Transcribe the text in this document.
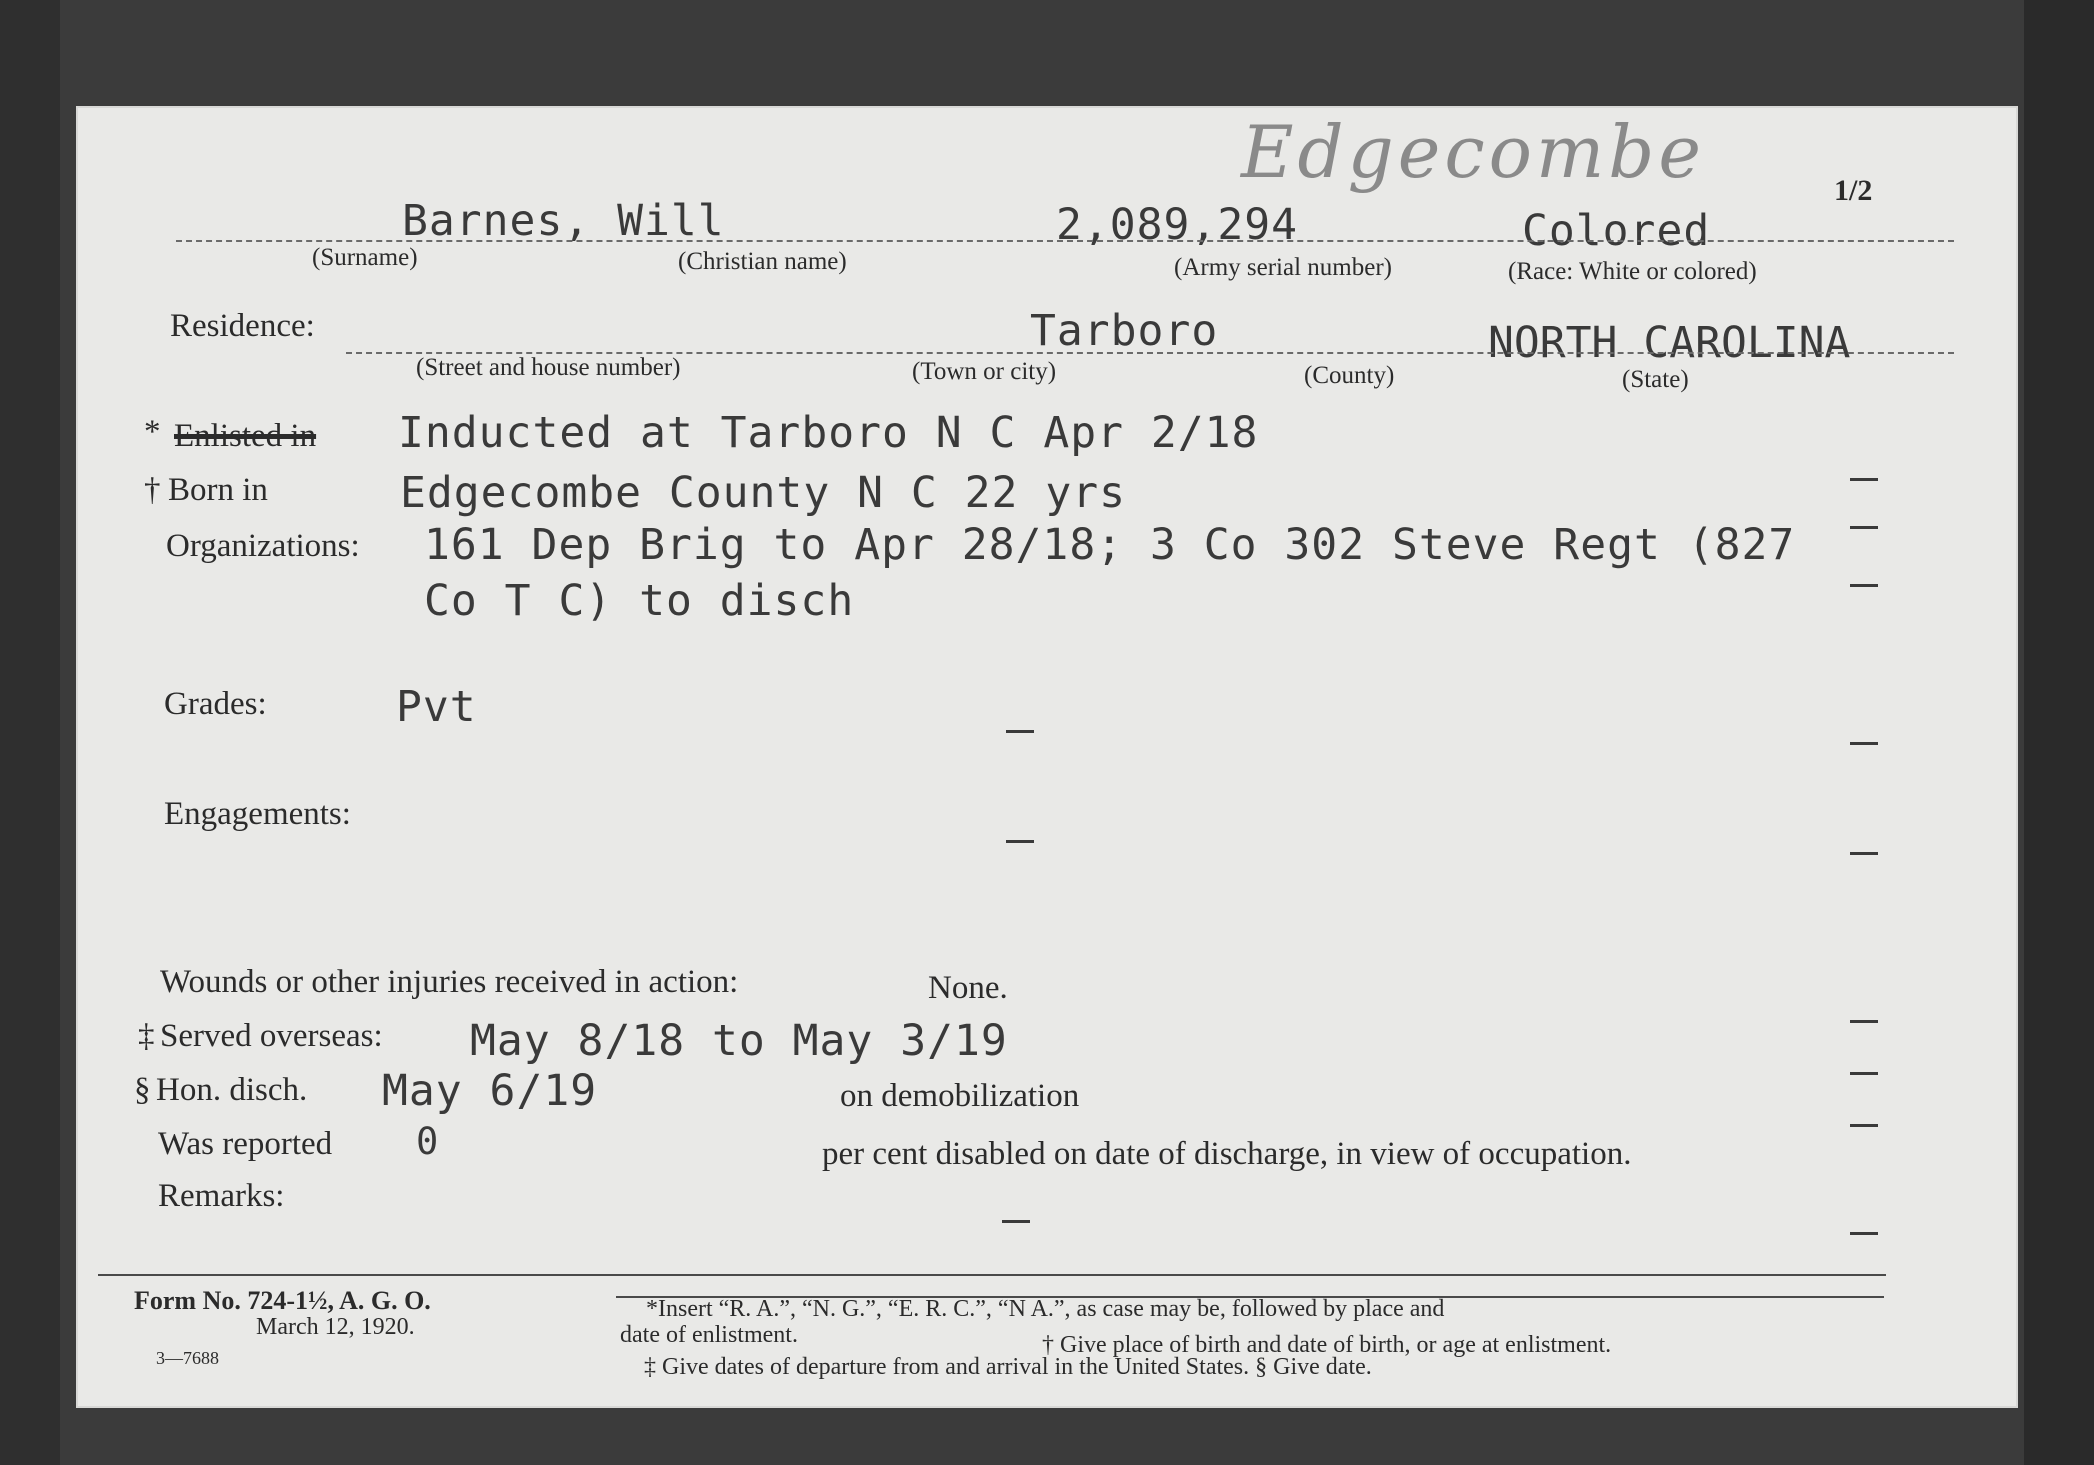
Edgecombe	1/2
Barnes, Will	2,089,294	Colored
(Surname)	(Christian name)	(Army serial number)	(Race: White or colored)
Residence:	Tarboro	NORTH CAROLINA
(Street and house number)	(Town or city)	(County)	(State)
* Enlisted in Inducted at Tarboro N C Apr 2/18
† Born in	Edgecombe County N C 22 yrs
Organizations: 161 Dep Brig to Apr 28/18; 3 Co 302 Steve Regt (827
Co T C) to disch
Grades:	Pvt
Engagements:
Wounds or other injuries received in action:	None.
‡ Served overseas: May 8/18 to May 3/19
§ Hon. disch. May 6/19	on demobilization
Was reported 0	per cent disabled on date of discharge, in view of occupation.
Remarks:
Form No. 724-1½, A. G. O.
March 12, 1920.
3—7688
*Insert “R. A.”, “N. G.”, “E. R. C.”, “N A.”, as case may be, followed by place and
date of enlistment.	† Give place of birth and date of birth, or age at enlistment.
‡ Give dates of departure from and arrival in the United States. § Give date.
